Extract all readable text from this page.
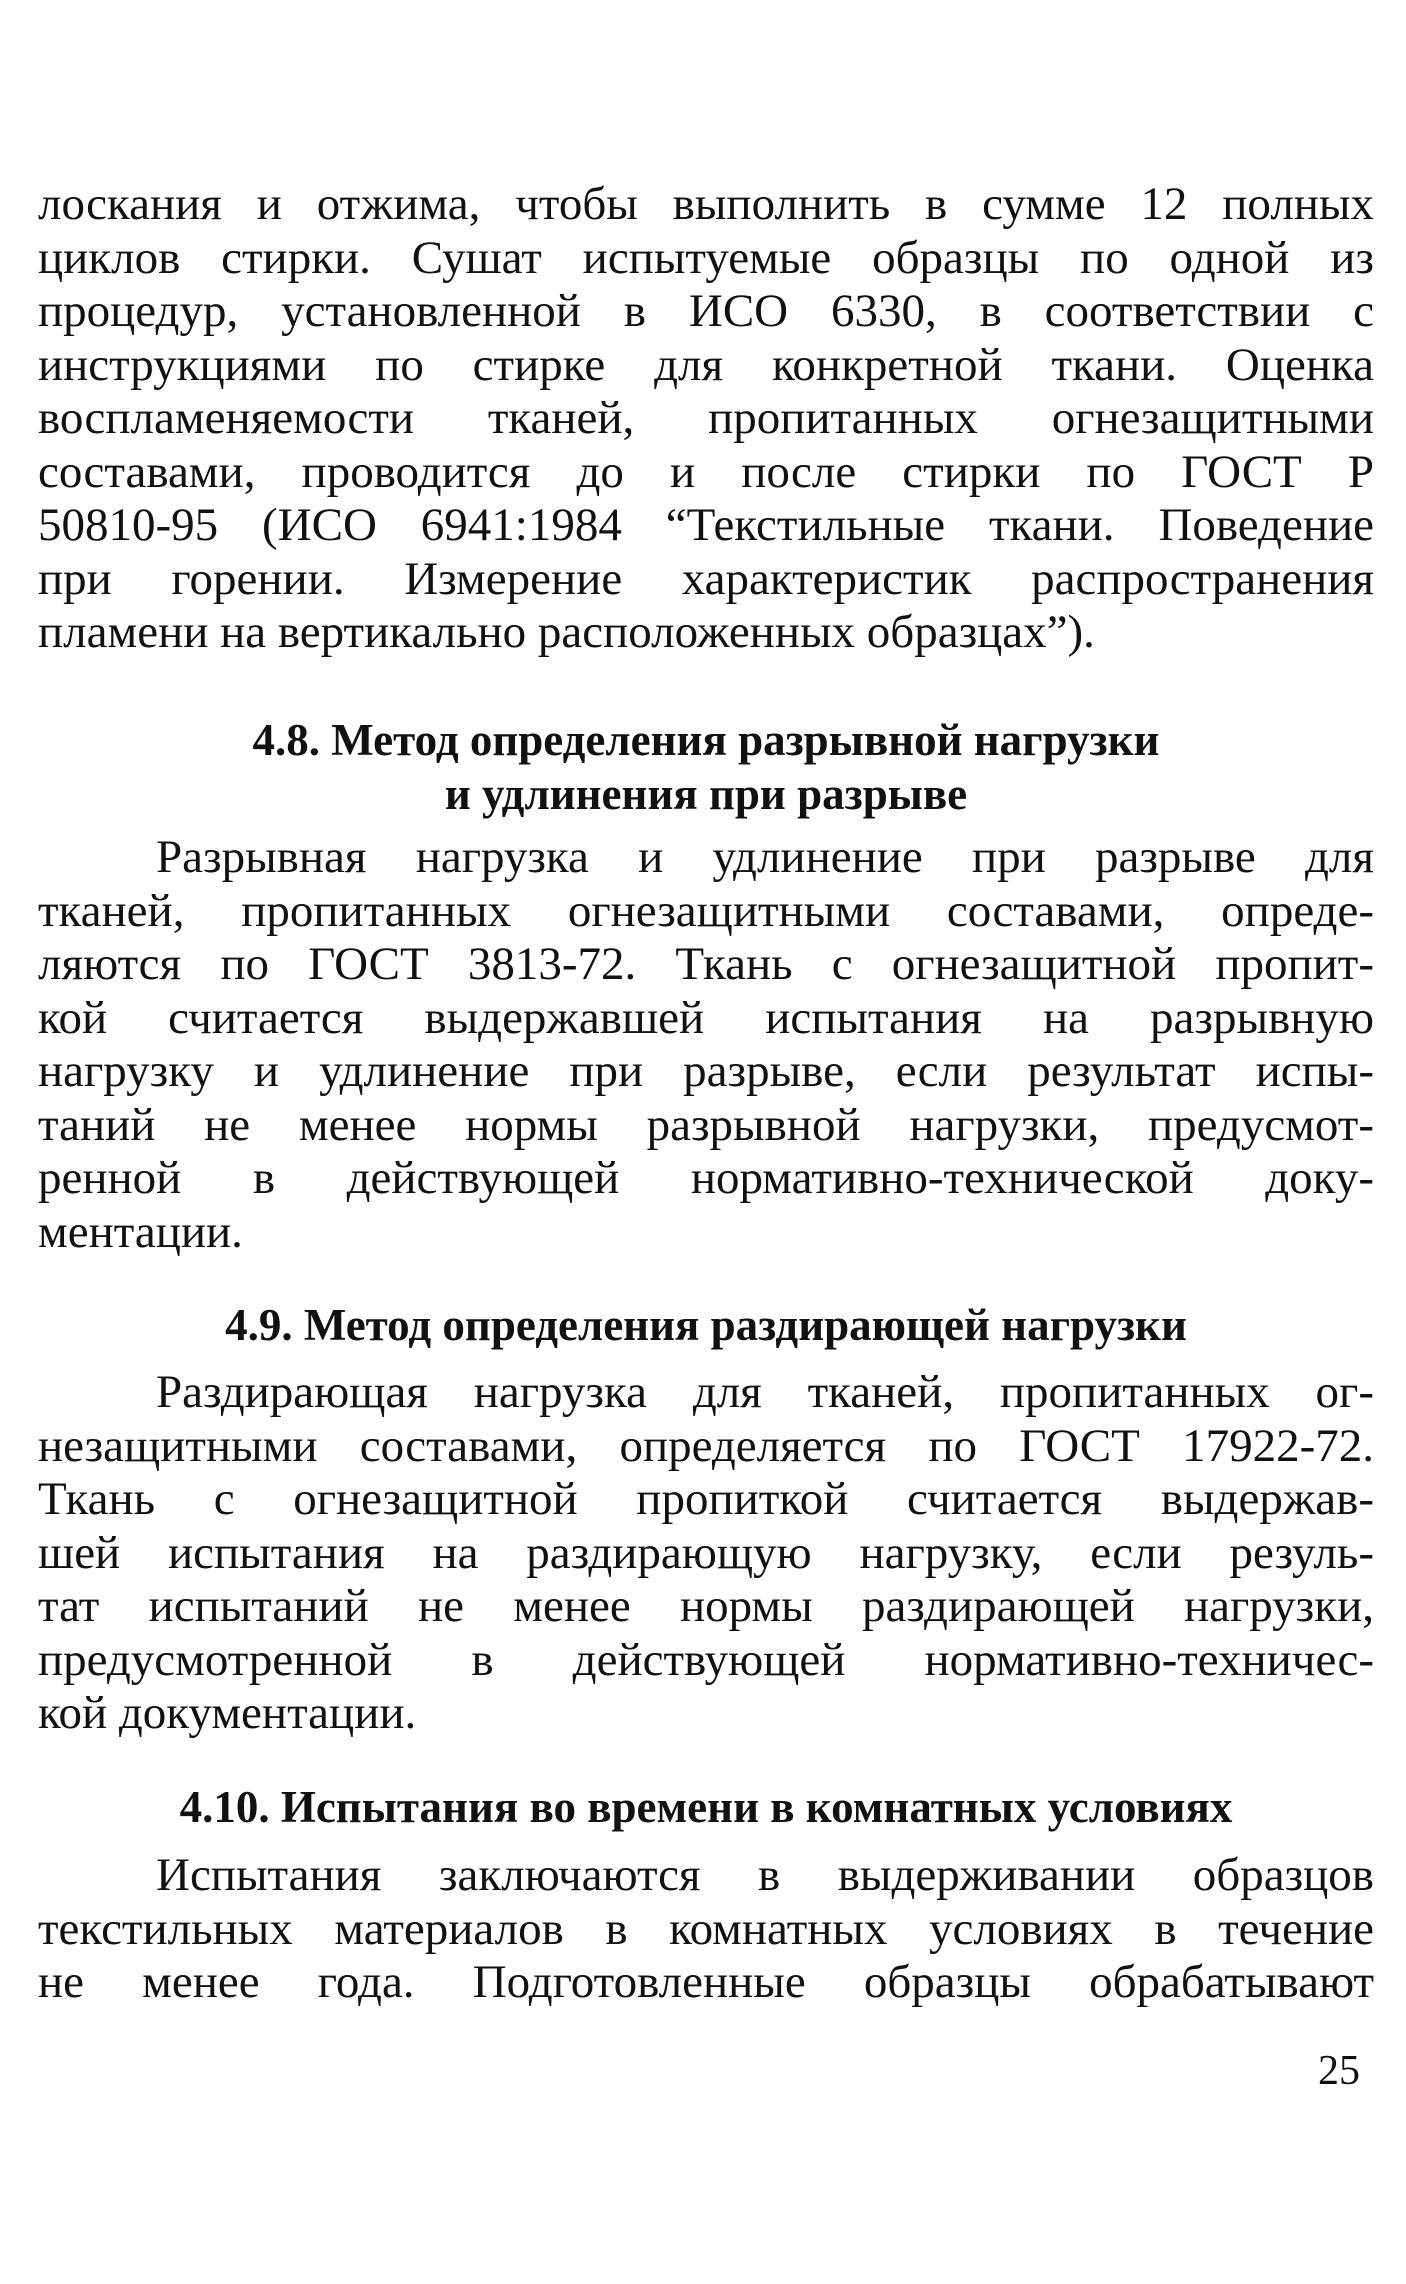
лоскания и отжима, чтобы выполнить в сумме 12 полных
циклов стирки. Сушат испытуемые образцы по одной из
процедур, установленной в ИСО 6330, в соответствии с
инструкциями по стирке для конкретной ткани. Оценка
воспламеняемости тканей, пропитанных огнезащитными
составами, проводится до и после стирки по ГОСТ Р
50810-95 (ИСО 6941:1984 “Текстильные ткани. Поведение
при горении. Измерение характеристик распространения
пламени на вертикально расположенных образцах”).
4.8. Метод определения разрывной нагрузки
и удлинения при разрыве
Разрывная нагрузка и удлинение при разрыве для
тканей, пропитанных огнезащитными составами, опреде-
ляются по ГОСТ 3813-72. Ткань с огнезащитной пропит-
кой считается выдержавшей испытания на разрывную
нагрузку и удлинение при разрыве, если результат испы-
таний не менее нормы разрывной нагрузки, предусмот-
ренной в действующей нормативно-технической доку-
ментации.
4.9. Метод определения раздирающей нагрузки
Раздирающая нагрузка для тканей, пропитанных ог-
незащитными составами, определяется по ГОСТ 17922-72.
Ткань с огнезащитной пропиткой считается выдержав-
шей испытания на раздирающую нагрузку, если резуль-
тат испытаний не менее нормы раздирающей нагрузки,
предусмотренной в действующей нормативно-техничес-
кой документации.
4.10. Испытания во времени в комнатных условиях
Испытания заключаются в выдерживании образцов
текстильных материалов в комнатных условиях в течение
не менее года. Подготовленные образцы обрабатывают
25
